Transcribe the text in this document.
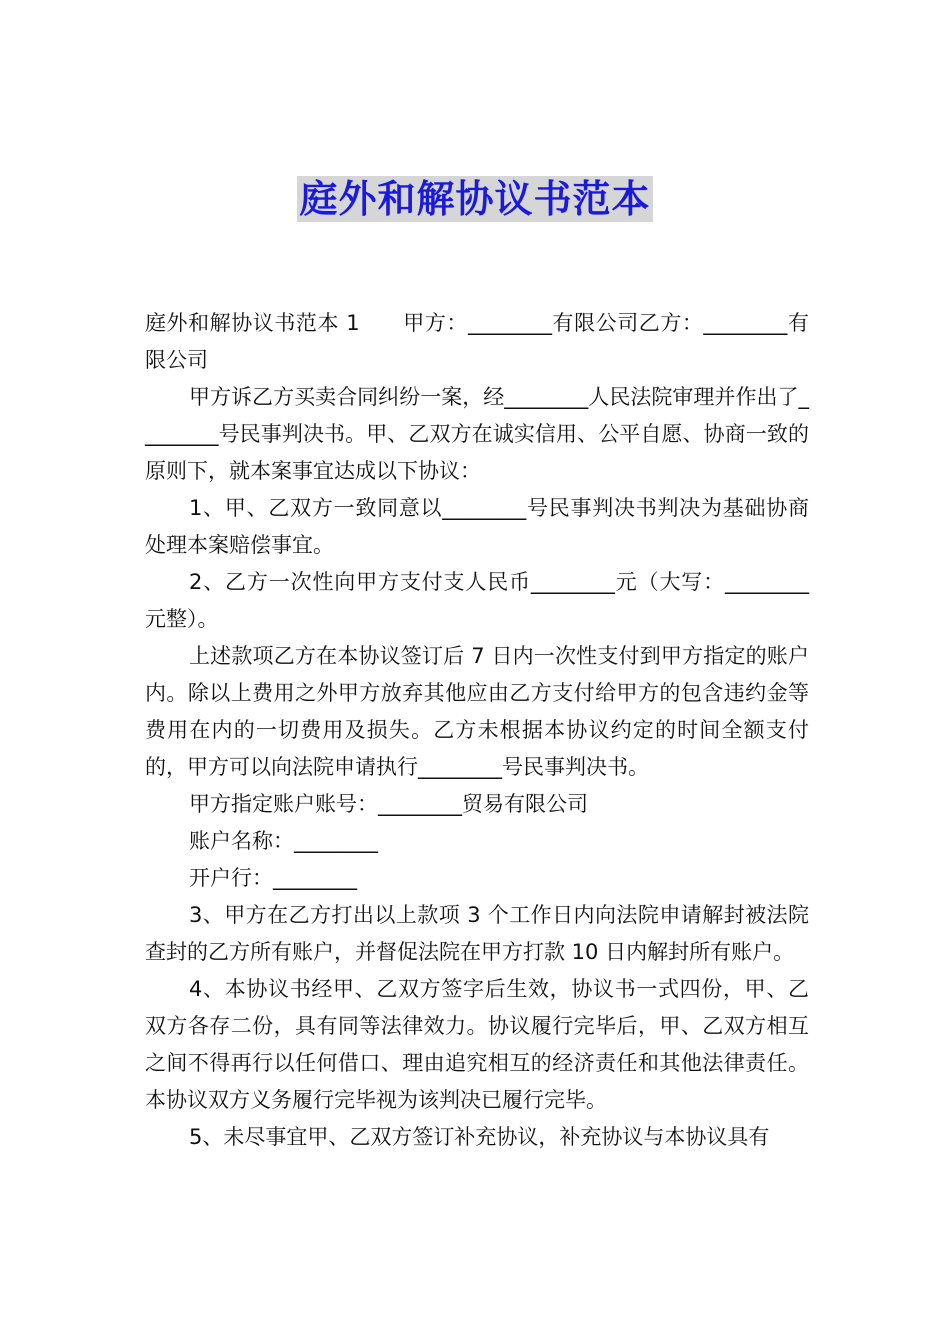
庭外和解协议书范本

庭外和解协议书范本 1　　甲方：________有限公司乙方：________有限公司

甲方诉乙方买卖合同纠纷一案，经________人民法院审理并作出了________号民事判决书。甲、乙双方在诚实信用、公平自愿、协商一致的原则下，就本案事宜达成以下协议：

1、甲、乙双方一致同意以________号民事判决书判决为基础协商处理本案赔偿事宜。

2、乙方一次性向甲方支付支人民币________元（大写：________元整）。

上述款项乙方在本协议签订后 7 日内一次性支付到甲方指定的账户内。除以上费用之外甲方放弃其他应由乙方支付给甲方的包含违约金等费用在内的一切费用及损失。乙方未根据本协议约定的时间全额支付的，甲方可以向法院申请执行________号民事判决书。

甲方指定账户账号：________贸易有限公司

账户名称：________

开户行：________

3、甲方在乙方打出以上款项 3 个工作日内向法院申请解封被法院查封的乙方所有账户，并督促法院在甲方打款 10 日内解封所有账户。

4、本协议书经甲、乙双方签字后生效，协议书一式四份，甲、乙双方各存二份，具有同等法律效力。协议履行完毕后，甲、乙双方相互之间不得再行以任何借口、理由追究相互的经济责任和其他法律责任。本协议双方义务履行完毕视为该判决已履行完毕。

5、未尽事宜甲、乙双方签订补充协议，补充协议与本协议具有
